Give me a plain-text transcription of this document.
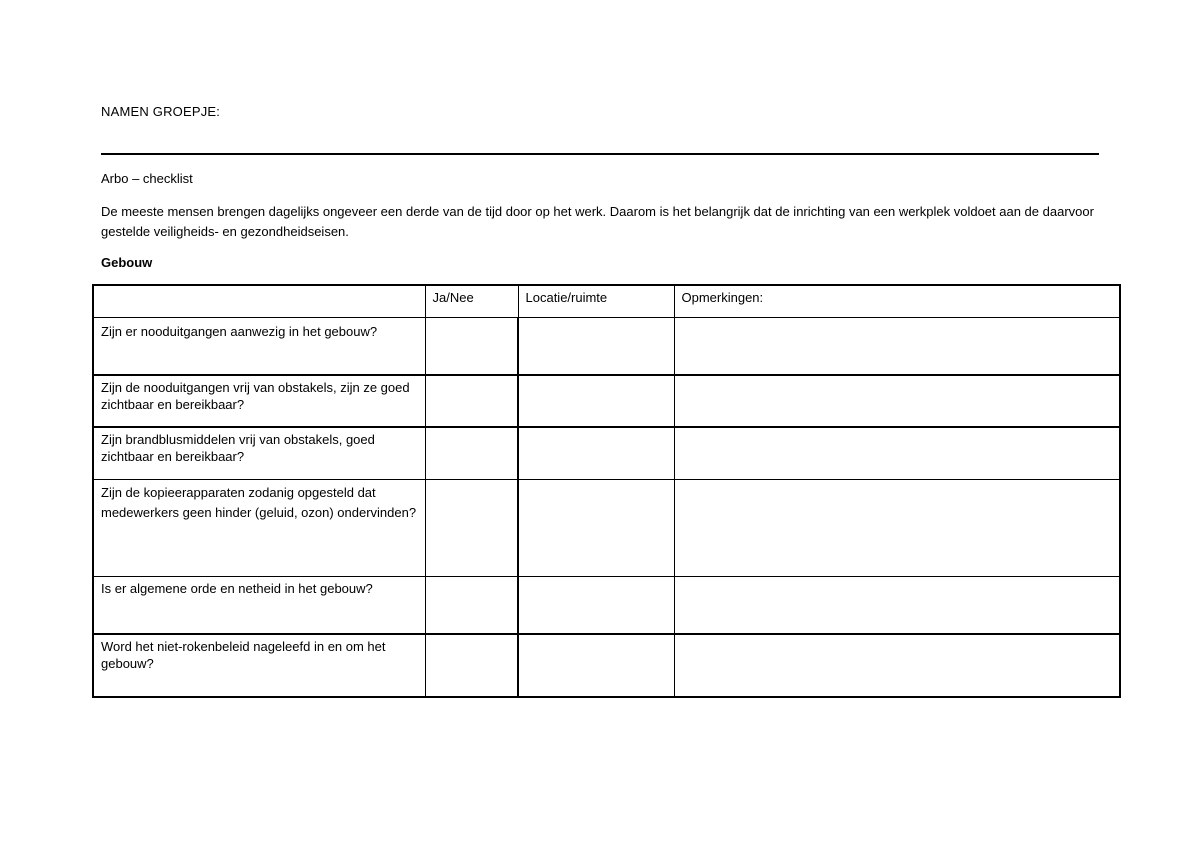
NAMEN GROEPJE:
Arbo – checklist
De meeste mensen brengen dagelijks ongeveer een derde van de tijd door op het werk. Daarom is het belangrijk dat de inrichting van een werkplek voldoet aan de daarvoor gestelde veiligheids- en gezondheidseisen.
Gebouw
	Ja/Nee	Locatie/ruimte	Opmerkingen:
Zijn er nooduitgangen aanwezig in het gebouw?			
Zijn de nooduitgangen vrij van obstakels, zijn ze goed zichtbaar en bereikbaar?			
Zijn brandblusmiddelen vrij van obstakels, goed zichtbaar en bereikbaar?			
Zijn de kopieerapparaten zodanig opgesteld dat medewerkers geen hinder (geluid, ozon) ondervinden?			
Is er algemene orde en netheid in het gebouw?			
Word het niet-rokenbeleid nageleefd in en om het gebouw?			
